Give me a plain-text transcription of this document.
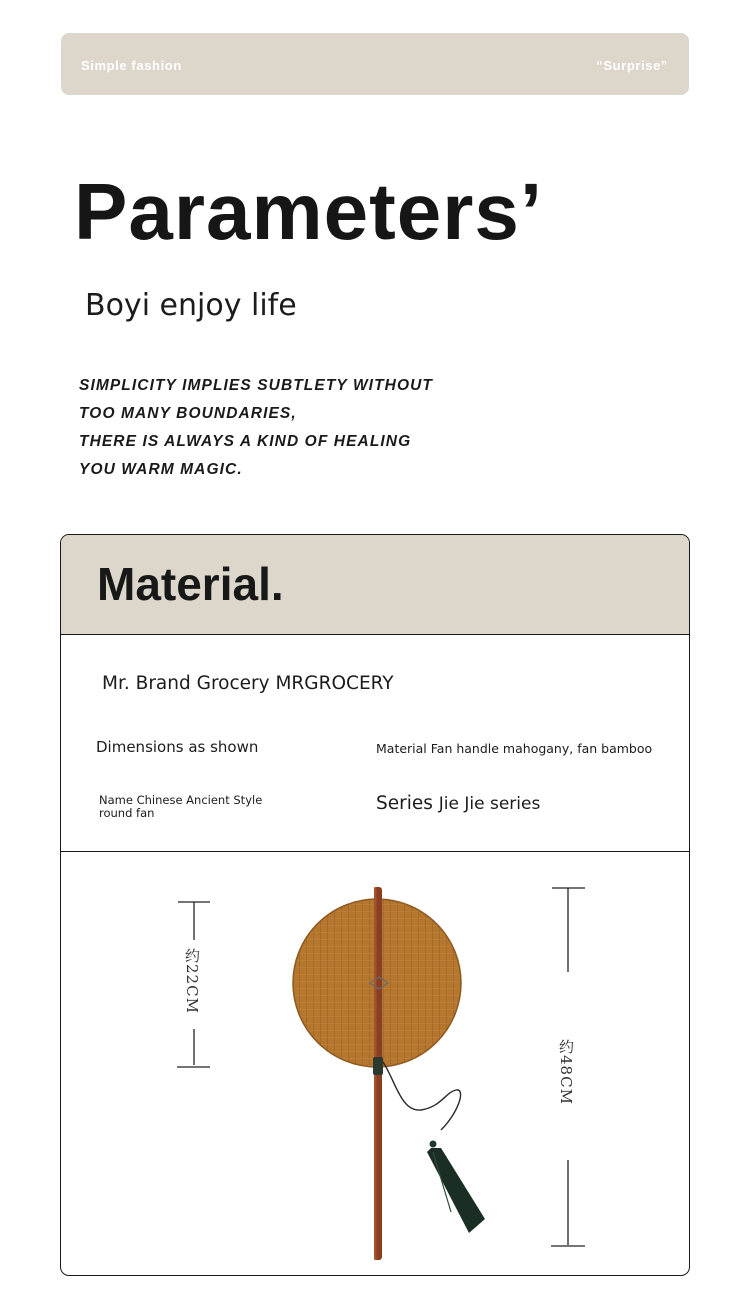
Simple fashion	“Surprise”
Parameters’
Boyi enjoy life
SIMPLICITY IMPLIES SUBTLETY WITHOUT
TOO MANY BOUNDARIES,
THERE IS ALWAYS A KIND OF HEALING
YOU WARM MAGIC.
Material.
Mr. Brand Grocery MRGROCERY
Dimensions as shown	Material Fan handle mahogany, fan bamboo
Name Chinese Ancient Style round fan	Series Jie Jie series
约22CM
约48CM
